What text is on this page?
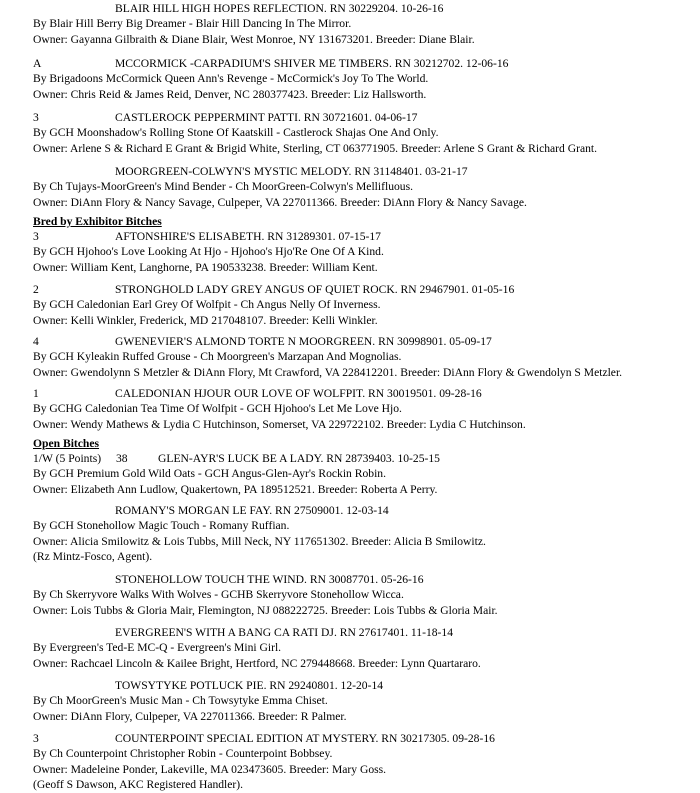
BLAIR HILL HIGH HOPES REFLECTION. RN 30229204. 10-26-16
By Blair Hill Berry Big Dreamer - Blair Hill Dancing In The Mirror.
Owner: Gayanna Gilbraith & Diane Blair, West Monroe, NY 131673201. Breeder: Diane Blair.
A	MCCORMICK -CARPADIUM'S SHIVER ME TIMBERS. RN 30212702. 12-06-16
By Brigadoons McCormick Queen Ann's Revenge - McCormick's Joy To The World.
Owner: Chris Reid & James Reid, Denver, NC 280377423. Breeder: Liz Hallsworth.
3	CASTLEROCK PEPPERMINT PATTI. RN 30721601. 04-06-17
By GCH Moonshadow's Rolling Stone Of Kaatskill - Castlerock Shajas One And Only.
Owner: Arlene S & Richard E Grant & Brigid White, Sterling, CT 063771905. Breeder: Arlene S Grant & Richard Grant.
MOORGREEN-COLWYN'S MYSTIC MELODY. RN 31148401. 03-21-17
By Ch Tujays-MoorGreen's Mind Bender - Ch MoorGreen-Colwyn's Mellifluous.
Owner: DiAnn Flory & Nancy Savage, Culpeper, VA 227011366. Breeder: DiAnn Flory & Nancy Savage.
Bred by Exhibitor Bitches
3	AFTONSHIRE'S ELISABETH. RN 31289301. 07-15-17
By GCH Hjohoo's Love Looking At Hjo - Hjohoo's Hjo'Re One Of A Kind.
Owner: William Kent, Langhorne, PA 190533238. Breeder: William Kent.
2	STRONGHOLD LADY GREY ANGUS OF QUIET ROCK. RN 29467901. 01-05-16
By GCH Caledonian Earl Grey Of Wolfpit - Ch Angus Nelly Of Inverness.
Owner: Kelli Winkler, Frederick, MD 217048107. Breeder: Kelli Winkler.
4	GWENEVIER'S ALMOND TORTE N MOORGREEN. RN 30998901. 05-09-17
By GCH Kyleakin Ruffed Grouse - Ch Moorgreen's Marzapan And Mognolias.
Owner: Gwendolynn S Metzler & DiAnn Flory, Mt Crawford, VA 228412201. Breeder: DiAnn Flory & Gwendolyn S Metzler.
1	CALEDONIAN HJOUR OUR LOVE OF WOLFPIT. RN 30019501. 09-28-16
By GCHG Caledonian Tea Time Of Wolfpit - GCH Hjohoo's Let Me Love Hjo.
Owner: Wendy Mathews & Lydia C Hutchinson, Somerset, VA 229722102. Breeder: Lydia C Hutchinson.
Open Bitches
1/W (5 Points) 38	GLEN-AYR'S LUCK BE A LADY. RN 28739403. 10-25-15
By GCH Premium Gold Wild Oats - GCH Angus-Glen-Ayr's Rockin Robin.
Owner: Elizabeth Ann Ludlow, Quakertown, PA 189512521. Breeder: Roberta A Perry.
ROMANY'S MORGAN LE FAY. RN 27509001. 12-03-14
By GCH Stonehollow Magic Touch - Romany Ruffian.
Owner: Alicia Smilowitz & Lois Tubbs, Mill Neck, NY 117651302. Breeder: Alicia B Smilowitz.
(Rz Mintz-Fosco, Agent).
STONEHOLLOW TOUCH THE WIND. RN 30087701. 05-26-16
By Ch Skerryvore Walks With Wolves - GCHB Skerryvore Stonehollow Wicca.
Owner: Lois Tubbs & Gloria Mair, Flemington, NJ 088222725. Breeder: Lois Tubbs & Gloria Mair.
EVERGREEN'S WITH A BANG CA RATI DJ. RN 27617401. 11-18-14
By Evergreen's Ted-E MC-Q - Evergreen's Mini Girl.
Owner: Rachcael Lincoln & Kailee Bright, Hertford, NC 279448668. Breeder: Lynn Quartararo.
TOWSYTYKE POTLUCK PIE. RN 29240801. 12-20-14
By Ch MoorGreen's Music Man - Ch Towsytyke Emma Chiset.
Owner: DiAnn Flory, Culpeper, VA 227011366. Breeder: R Palmer.
3	COUNTERPOINT SPECIAL EDITION AT MYSTERY. RN 30217305. 09-28-16
By Ch Counterpoint Christopher Robin - Counterpoint Bobbsey.
Owner: Madeleine Ponder, Lakeville, MA 023473605. Breeder: Mary Goss.
(Geoff S Dawson, AKC Registered Handler).
